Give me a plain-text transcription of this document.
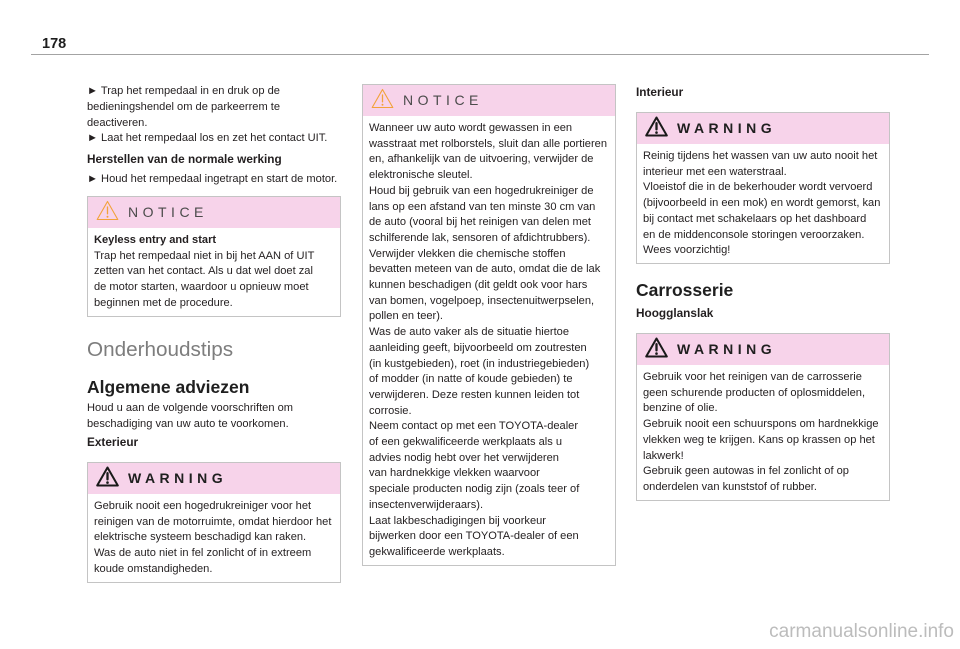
178

► Trap het rempedaal in en druk op de
bedieningshendel om de parkeerrem te
deactiveren.

► Laat het rempedaal los en zet het contact UIT.

Herstellen van de normale werking

► Houd het rempedaal ingetrapt en start de motor.

NOTICE

Keyless entry and start

Trap het rempedaal niet in bij het AAN of UIT
zetten van het contact. Als u dat wel doet zal
de motor starten, waardoor u opnieuw moet
beginnen met de procedure.

Onderhoudstips
Algemene adviezen

Houd u aan de volgende voorschriften om
beschadiging van uw auto te voorkomen.

Exterieur
WARNING

Gebruik nooit een hogedrukreiniger voor het
reinigen van de motorruimte, omdat hierdoor het
elektrische systeem beschadigd kan raken.

Was de auto niet in fel zonlicht of in extreem
koude omstandigheden.

NOTICE

Wanneer uw auto wordt gewassen in een
wasstraat met rolborstels, sluit dan alle portieren
en, afhankelijk van de uitvoering, verwijder de
elektronische sleutel.

Houd bij gebruik van een hogedrukreiniger de
lans op een afstand van ten minste 30 cm van
de auto (vooral bij het reinigen van delen met
schilferende lak, sensoren of afdichtrubbers).

Verwijder vlekken die chemische stoffen
bevatten meteen van de auto, omdat die de lak
kunnen beschadigen (dit geldt ook voor hars
van bomen, vogelpoep, insectenuitwerpselen,
pollen en teer).

Was de auto vaker als de situatie hiertoe
aanleiding geeft, bijvoorbeeld om zoutresten
(in kustgebieden), roet (in industriegebieden)
of modder (in natte of koude gebieden) te
verwijderen. Deze resten kunnen leiden tot
corrosie.

Neem contact op met een TOYOTA-dealer
of een gekwalificeerde werkplaats als u
advies nodig hebt over het verwijderen
van hardnekkige vlekken waarvoor
speciale producten nodig zijn (zoals teer of
insectenverwijderaars).

Laat lakbeschadigingen bij voorkeur
bijwerken door een TOYOTA-dealer of een
gekwalificeerde werkplaats.

Interieur
WARNING

Reinig tijdens het wassen van uw auto nooit het
interieur met een waterstraal.

Vloeistof die in de bekerhouder wordt vervoerd
(bijvoorbeeld in een mok) en wordt gemorst, kan
bij contact met schakelaars op het dashboard
en de middenconsole storingen veroorzaken.

Wees voorzichtig!

Carrosserie
Hoogglanslak
WARNING

Gebruik voor het reinigen van de carrosserie
geen schurende producten of oplosmiddelen,
benzine of olie.

Gebruik nooit een schuurspons om hardnekkige
vlekken weg te krijgen. Kans op krassen op het
lakwerk!

Gebruik geen autowas in fel zonlicht of op
onderdelen van kunststof of rubber.

carmanualsonline.info
